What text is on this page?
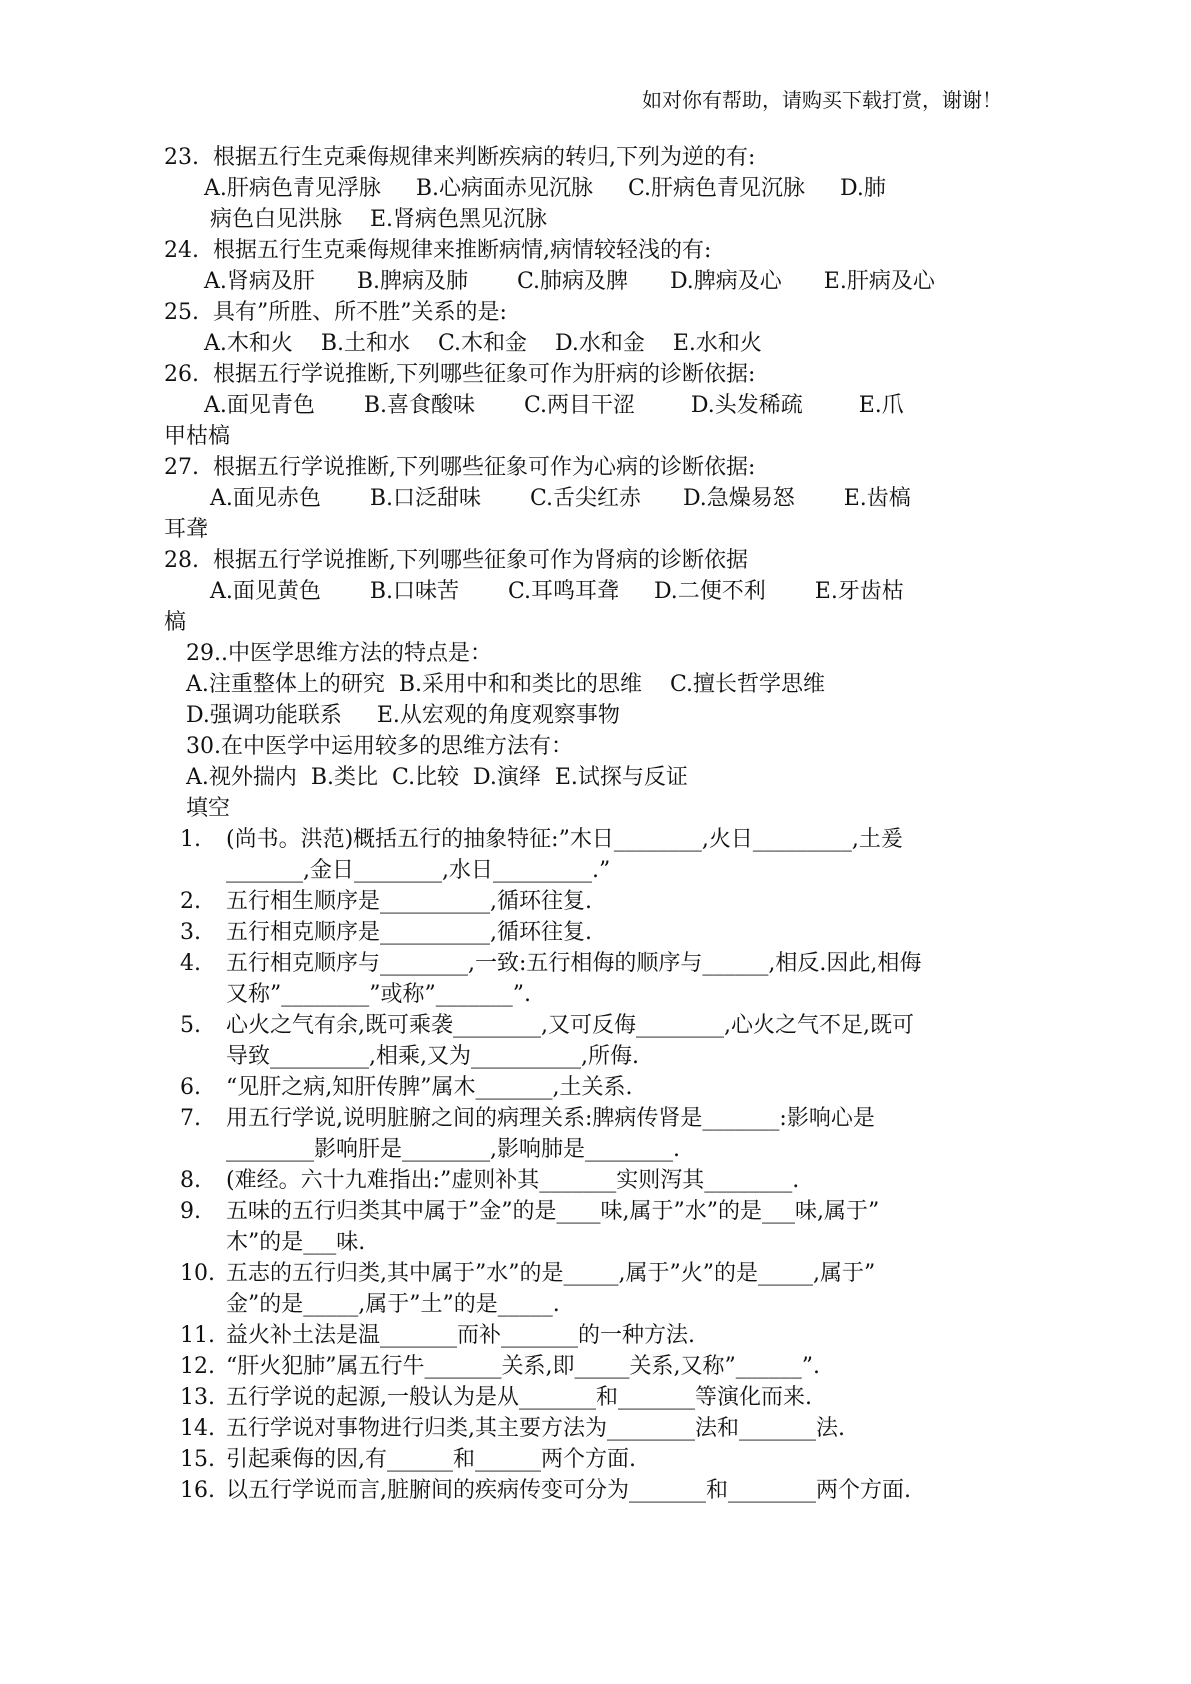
如对你有帮助，请购买下载打赏，谢谢！
23.  根据五行生克乘侮规律来判断疾病的转归,下列为逆的有:
A.肝病色青见浮脉     B.心病面赤见沉脉     C.肝病色青见沉脉     D.肺
病色白见洪脉    E.肾病色黑见沉脉
24.  根据五行生克乘侮规律来推断病情,病情较轻浅的有:
A.肾病及肝      B.脾病及肺       C.肺病及脾      D.脾病及心      E.肝病及心
25.  具有”所胜、所不胜”关系的是:
A.木和火    B.土和水    C.木和金    D.水和金    E.水和火
26.  根据五行学说推断,下列哪些征象可作为肝病的诊断依据:
A.面见青色       B.喜食酸味       C.两目干涩        D.头发稀疏        E.爪
甲枯槁
27.  根据五行学说推断,下列哪些征象可作为心病的诊断依据:
A.面见赤色       B.口泛甜味       C.舌尖红赤      D.急燥易怒       E.齿槁
耳聋
28.  根据五行学说推断,下列哪些征象可作为肾病的诊断依据
A.面见黄色       B.口味苦       C.耳鸣耳聋     D.二便不利       E.牙齿枯
槁
29..中医学思维方法的特点是：
A.注重整体上的研究  B.采用中和和类比的思维    C.擅长哲学思维
D.强调功能联系     E.从宏观的角度观察事物
30.在中医学中运用较多的思维方法有：
A.视外揣内  B.类比  C.比较  D.演绎  E.试探与反证
填空
1. (尚书。洪范)概括五行的抽象特征:”木日________,火日_________,土爰
_______,金日________,水日_________.”
2. 五行相生顺序是__________,循环往复.
3. 五行相克顺序是__________,循环往复.
4. 五行相克顺序与________,一致:五行相侮的顺序与______,相反.因此,相侮
又称”________”或称”_______”.
5. 心火之气有余,既可乘袭________,又可反侮________,心火之气不足,既可
导致_________,相乘,又为__________,所侮.
6. “见肝之病,知肝传脾”属木_______,土关系.
7. 用五行学说,说明脏腑之间的病理关系:脾病传肾是_______:影响心是
________影响肝是________,影响肺是________.
8. (难经。六十九难指出:”虚则补其_______实则泻其________.
9. 五味的五行归类其中属于”金”的是____味,属于”水”的是___味,属于”
木”的是___味.
10. 五志的五行归类,其中属于”水”的是_____,属于”火”的是_____,属于”
金”的是_____,属于”土”的是_____.
11. 益火补土法是温_______而补_______的一种方法.
12. “肝火犯肺”属五行牛_______关系,即_____关系,又称”______”.
13. 五行学说的起源,一般认为是从_______和_______等演化而来.
14. 五行学说对事物进行归类,其主要方法为________法和_______法.
15. 引起乘侮的因,有______和______两个方面.
16. 以五行学说而言,脏腑间的疾病传变可分为_______和________两个方面.
